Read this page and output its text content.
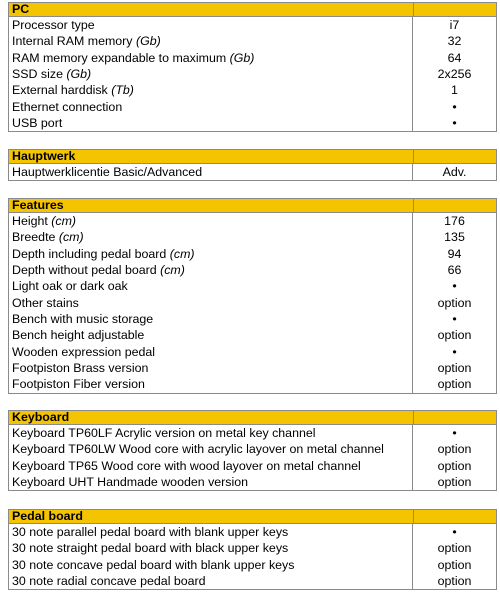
PC
Processor type	i7
Internal RAM memory (Gb)	32
RAM memory expandable to maximum (Gb)	64
SSD size (Gb)	2x256
External harddisk (Tb)	1
Ethernet connection	•
USB port	•
Hauptwerk
Hauptwerklicentie Basic/Advanced	Adv.
Features
Height (cm)	176
Breedte (cm)	135
Depth including pedal board (cm)	94
Depth without pedal board (cm)	66
Light oak or dark oak	•
Other stains	option
Bench with music storage	•
Bench height adjustable	option
Wooden expression pedal	•
Footpiston Brass version	option
Footpiston Fiber version	option
Keyboard
Keyboard TP60LF Acrylic version on metal key channel	•
Keyboard TP60LW Wood core with acrylic layover on metal channel	option
Keyboard TP65 Wood core with wood layover on metal channel	option
Keyboard UHT Handmade wooden version	option
Pedal board
30 note parallel pedal board with blank upper keys	•
30 note straight pedal board with black upper keys	option
30 note concave pedal board with blank upper keys	option
30 note radial concave pedal board	option
